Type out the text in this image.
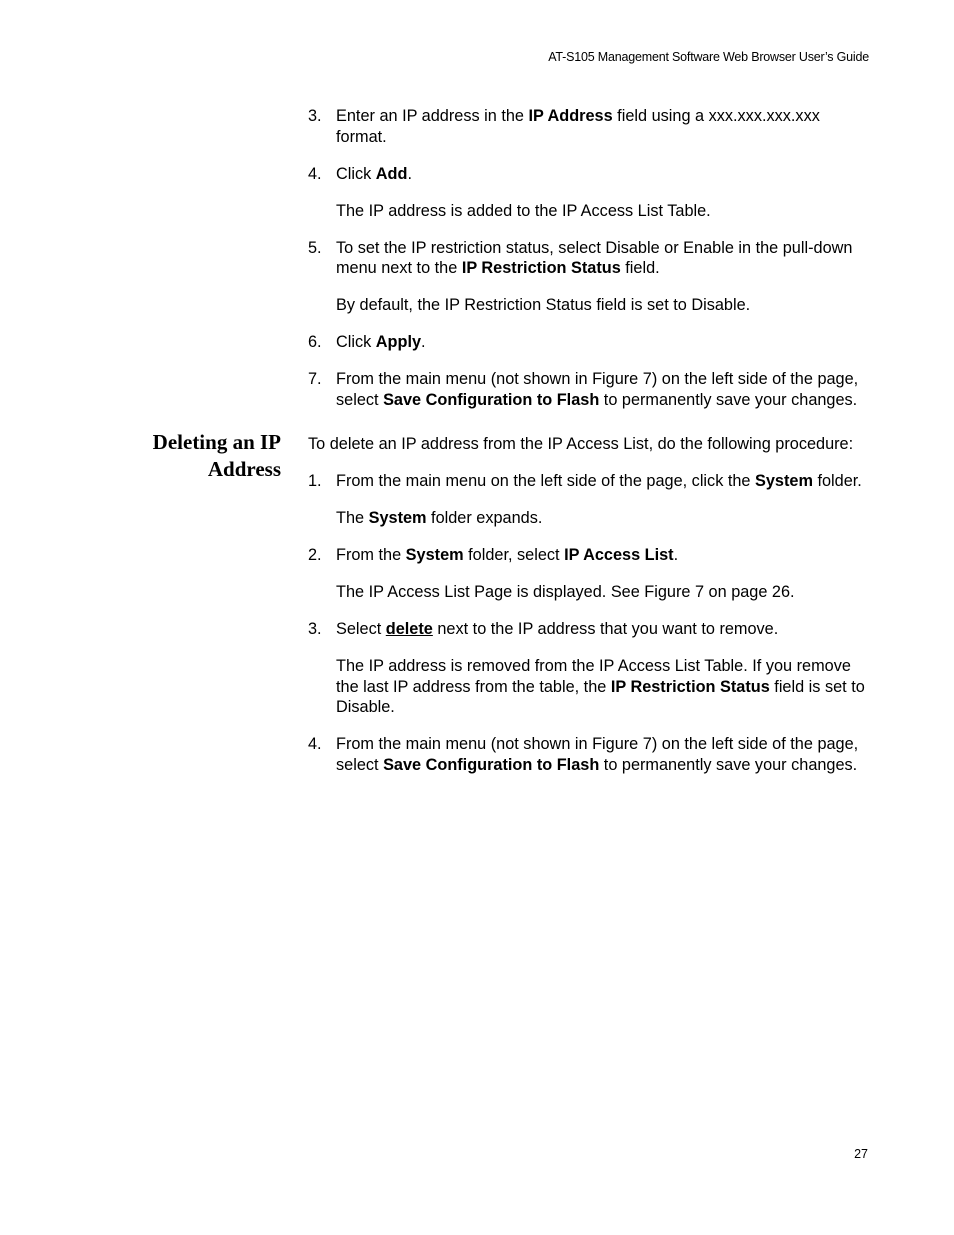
AT-S105 Management Software Web Browser User’s Guide
3. Enter an IP address in the IP Address field using a xxx.xxx.xxx.xxx format.
4. Click Add.
The IP address is added to the IP Access List Table.
5. To set the IP restriction status, select Disable or Enable in the pull-down menu next to the IP Restriction Status field.
By default, the IP Restriction Status field is set to Disable.
6. Click Apply.
7. From the main menu (not shown in Figure 7) on the left side of the page, select Save Configuration to Flash to permanently save your changes.
Deleting an IP
Address
To delete an IP address from the IP Access List, do the following procedure:
1. From the main menu on the left side of the page, click the System folder.
The System folder expands.
2. From the System folder, select IP Access List.
The IP Access List Page is displayed. See Figure 7 on page 26.
3. Select delete next to the IP address that you want to remove.
The IP address is removed from the IP Access List Table. If you remove the last IP address from the table, the IP Restriction Status field is set to Disable.
4. From the main menu (not shown in Figure 7) on the left side of the page, select Save Configuration to Flash to permanently save your changes.
27
